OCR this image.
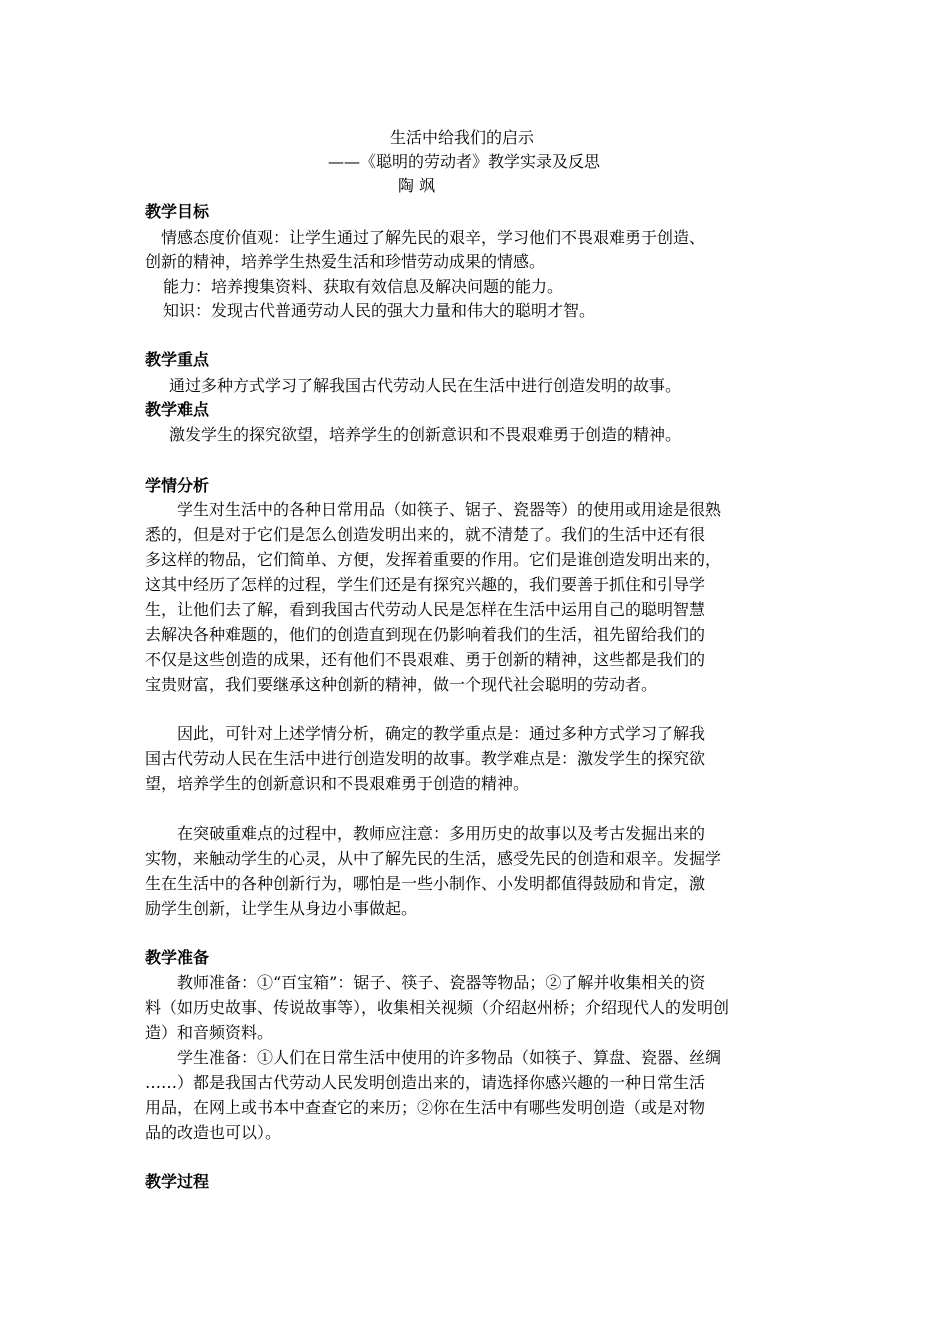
生活中给我们的启示
——《聪明的劳动者》教学实录及反思
陶 飒
教学目标
情感态度价值观：让学生通过了解先民的艰辛，学习他们不畏艰难勇于创造、
创新的精神，培养学生热爱生活和珍惜劳动成果的情感。
能力：培养搜集资料、获取有效信息及解决问题的能力。
知识：发现古代普通劳动人民的强大力量和伟大的聪明才智。
教学重点
通过多种方式学习了解我国古代劳动人民在生活中进行创造发明的故事。
教学难点
激发学生的探究欲望，培养学生的创新意识和不畏艰难勇于创造的精神。
学情分析
学生对生活中的各种日常用品（如筷子、锯子、瓷器等）的使用或用途是很熟
悉的，但是对于它们是怎么创造发明出来的，就不清楚了。我们的生活中还有很
多这样的物品，它们简单、方便，发挥着重要的作用。它们是谁创造发明出来的，
这其中经历了怎样的过程，学生们还是有探究兴趣的，我们要善于抓住和引导学
生，让他们去了解，看到我国古代劳动人民是怎样在生活中运用自己的聪明智慧
去解决各种难题的，他们的创造直到现在仍影响着我们的生活，祖先留给我们的
不仅是这些创造的成果，还有他们不畏艰难、勇于创新的精神，这些都是我们的
宝贵财富，我们要继承这种创新的精神，做一个现代社会聪明的劳动者。
因此，可针对上述学情分析，确定的教学重点是：通过多种方式学习了解我
国古代劳动人民在生活中进行创造发明的故事。教学难点是：激发学生的探究欲
望，培养学生的创新意识和不畏艰难勇于创造的精神。
在突破重难点的过程中，教师应注意：多用历史的故事以及考古发掘出来的
实物，来触动学生的心灵，从中了解先民的生活，感受先民的创造和艰辛。发掘学
生在生活中的各种创新行为，哪怕是一些小制作、小发明都值得鼓励和肯定，激
励学生创新，让学生从身边小事做起。
教学准备
教师准备：①“百宝箱”：锯子、筷子、瓷器等物品；②了解并收集相关的资
料（如历史故事、传说故事等），收集相关视频（介绍赵州桥；介绍现代人的发明创
造）和音频资料。
学生准备：①人们在日常生活中使用的许多物品（如筷子、算盘、瓷器、丝绸
……）都是我国古代劳动人民发明创造出来的，请选择你感兴趣的一种日常生活
用品，在网上或书本中查查它的来历；②你在生活中有哪些发明创造（或是对物
品的改造也可以）。
教学过程
